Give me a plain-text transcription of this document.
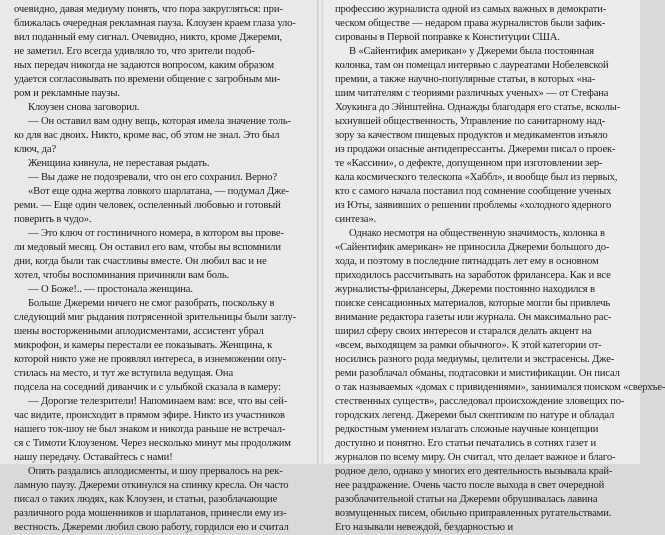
очевидно, давая медиуму понять, что пора закругляться: при-
ближалась очередная рекламная пауза. Клоузен краем глаза уло-
вил поданный ему сигнал. Очевидно, никто, кроме Джереми,
не заметил. Его всегда удивляло то, что зрители подоб-
ных передач никогда не задаются вопросом, каким образом
удается согласовывать по времени общение с загробным ми-
ром и рекламные паузы.
Клоузен снова заговорил.
— Он оставил вам одну вещь, которая имела значение толь-
ко для вас двоих. Никто, кроме вас, об этом не знал. Это был
ключ, да?
Женщина кивнула, не переставая рыдать.
— Вы даже не подозревали, что он его сохранил. Верно?
«Вот еще одна жертва ловкого шарлатана, — подумал Дже-
реми. — Еще один человек, оспеленный любовью и готовый
поверить в чудо».
— Это ключ от гостиничного номера, в котором вы прове-
ли медовый месяц. Он оставил его вам, чтобы вы вспомнили
дни, когда были так счастливы вместе. Он любил вас и не
хотел, чтобы воспоминания причиняли вам боль.
— О Боже!.. — простонала женщина.
Больше Джереми ничего не смог разобрать, поскольку в
следующий миг рыдания потрясенной зрительницы были заглу-
шены восторженными аплодисментами, ассистент убрал
микрофон, и камеры перестали ее показывать. Женщина, к
которой никто уже не проявлял интереса, в изнеможении опу-
стилась на место, и тут же вступила ведущая. Она
подсела на соседний диванчик и с улыбкой сказала в камеру:
— Дорогие телезрители! Напоминаем вам: все, что вы сей-
час видите, происходит в прямом эфире. Никто из участников
нашего ток-шоу не был знаком и никогда раньше не встречал-
ся с Тимоти Клоузеном. Через несколько минут мы продолжим
нашу передачу. Оставайтесь с нами!
Опять раздались аплодисменты, и шоу прервалось на рек-
ламную паузу. Джереми откинулся на спинку кресла. Он часто
писал о таких людях, как Клоузен, и статьи, разоблачающие
различного рода мошенников и шарлатанов, принесли ему из-
вестность. Джереми любил свою работу, гордился ею и считал
профессию журналиста одной из самых важных в демократи-
ческом обществе — недаром права журналистов были зафик-
сированы в Первой поправке к Конституции США.
В «Сайентифик американ» у Джереми была постоянная
колонка, там он помещал интервью с лауреатами Нобелевской
премии, а также научно-популярные статьи, в которых «на-
шим читателям с теориями различных ученых» — от Стефана
Хоукинга до Эйнштейна. Однажды благодаря его статье, всколы-
ыхнувшей общественность, Управление по санитарному над-
зору за качеством пищевых продуктов и медикаментов изъяло
из продажи опасные антидепрессанты. Джереми писал о проек-
те «Кассини», о дефекте, допущенном при изготовлении зер-
кала космического телескопа «Хаббл», и вообще был из первых,
кто с самого начала поставил под сомнение сообщение ученых
из Юты, заявивших о решении проблемы «холодного ядерного
синтеза».
Однако несмотря на общественную значимость, колонка в
«Сайентифик американ» не приносила Джереми большого до-
хода, и поэтому в последние пятнадцать лет ему в основном
приходилось рассчитывать на заработок фрилансера. Как и все
журналисты-фрилансеры, Джереми постоянно находился в
поиске сенсационных материалов, которые могли бы привлечь
внимание редактора газеты или журнала. Он максимально рас-
ширил сферу своих интересов и старался делать акцент на
«всем, выходящем за рамки обычного». К этой категории от-
носились разного рода медиумы, целители и экстрасенсы. Дже-
реми разоблачал обманы, подтасовки и мистификации. Он писал
о так называемых «домах с привидениями», заниимался поиском «сверхъе-
стественных существ», расследовал происхождение зловещих по-
городских легенд. Джереми был скептиком по натуре и обладал
редкостным умением излагать сложные научные концепции
доступно и понятно. Его статьи печатались в сотнях газет и
журналов по всему миру. Он считал, что делает важное и благо-
родное дело, однако у многих его деятельность вызывала край-
нее раздражение. Очень часто после выхода в свет очередной
разоблачительной статьи на Джереми обрушивалась лавина
возмущенных писем, обильно приправленных ругательствами.
Его называли невеждой, бездарностью и
